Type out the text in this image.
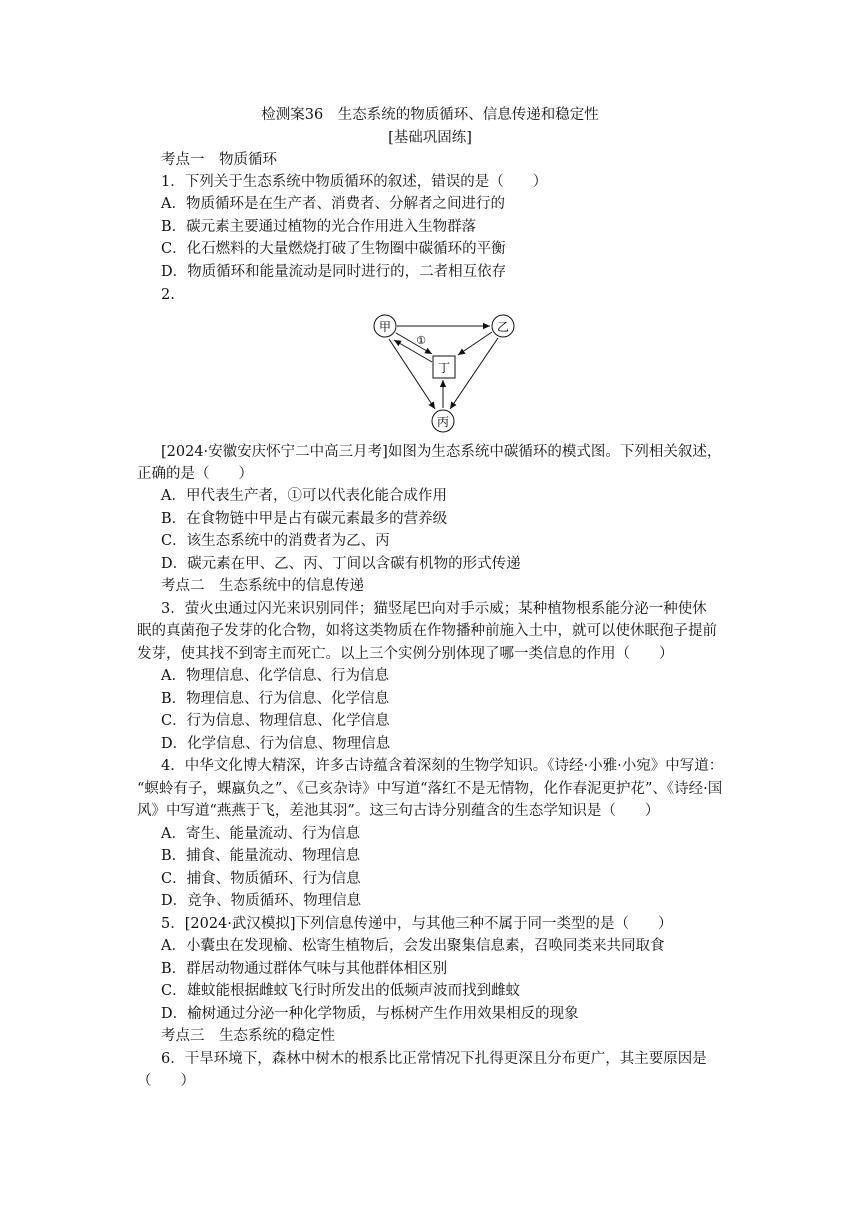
检测案36　生态系统的物质循环、信息传递和稳定性
[基础巩固练]
考点一　物质循环
1．下列关于生态系统中物质循环的叙述，错误的是（　　）
A．物质循环是在生产者、消费者、分解者之间进行的
B．碳元素主要通过植物的光合作用进入生物群落
C．化石燃料的大量燃烧打破了生物圈中碳循环的平衡
D．物质循环和能量流动是同时进行的，二者相互依存
2.
甲	乙
丙
丁
①
[2024·安徽安庆怀宁二中高三月考]如图为生态系统中碳循环的模式图。下列相关叙述，
正确的是（　　）
A．甲代表生产者，①可以代表化能合成作用
B．在食物链中甲是占有碳元素最多的营养级
C．该生态系统中的消费者为乙、丙
D．碳元素在甲、乙、丙、丁间以含碳有机物的形式传递
考点二　生态系统中的信息传递
3．萤火虫通过闪光来识别同伴；猫竖尾巴向对手示威；某种植物根系能分泌一种使休
眠的真菌孢子发芽的化合物，如将这类物质在作物播种前施入土中，就可以使休眠孢子提前
发芽，使其找不到寄主而死亡。以上三个实例分别体现了哪一类信息的作用（　　）
A．物理信息、化学信息、行为信息
B．物理信息、行为信息、化学信息
C．行为信息、物理信息、化学信息
D．化学信息、行为信息、物理信息
4．中华文化博大精深，许多古诗蕴含着深刻的生物学知识。《诗经·小雅·小宛》中写道：
“螟蛉有子，蜾蠃负之”、《己亥杂诗》中写道“落红不是无情物，化作春泥更护花”、《诗经·国
风》中写道“燕燕于飞，差池其羽”。这三句古诗分别蕴含的生态学知识是（　　）
A．寄生、能量流动、行为信息
B．捕食、能量流动、物理信息
C．捕食、物质循环、行为信息
D．竞争、物质循环、物理信息
5．[2024·武汉模拟]下列信息传递中，与其他三种不属于同一类型的是（　　）
A．小囊虫在发现榆、松寄生植物后，会发出聚集信息素，召唤同类来共同取食
B．群居动物通过群体气味与其他群体相区别
C．雄蚊能根据雌蚊飞行时所发出的低频声波而找到雌蚊
D．榆树通过分泌一种化学物质，与栎树产生作用效果相反的现象
考点三　生态系统的稳定性
6．干旱环境下，森林中树木的根系比正常情况下扎得更深且分布更广，其主要原因是
（　　）
